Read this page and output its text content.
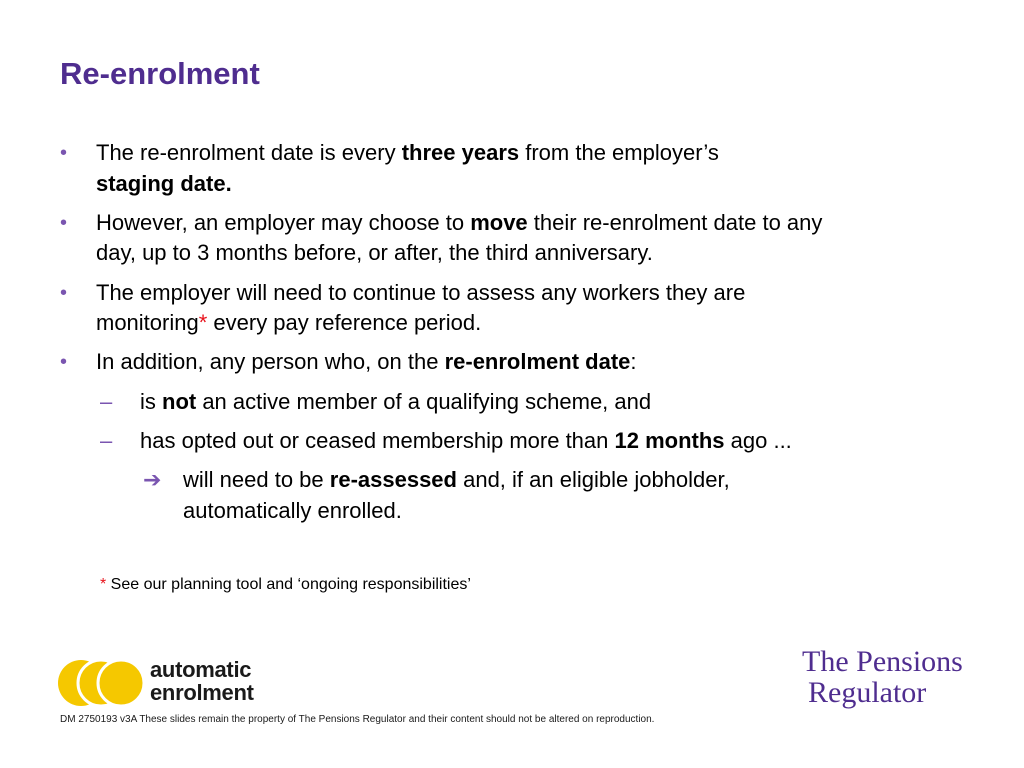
Re-enrolment
• The re-enrolment date is every three years from the employer’s
staging date.
• However, an employer may choose to move their re-enrolment date to any
day, up to 3 months before, or after, the third anniversary.
• The employer will need to continue to assess any workers they are
monitoring* every pay reference period.
• In addition, any person who, on the re-enrolment date:
– is not an active member of a qualifying scheme, and
– has opted out or ceased membership more than 12 months ago ...
➔ will need to be re-assessed and, if an eligible jobholder,
automatically enrolled.
* See our planning tool and ‘ongoing responsibilities’
automatic
enrolment
The Pensions
Regulator
DM 2750193 v3A These slides remain the property of The Pensions Regulator and their content should not be altered on reproduction.
